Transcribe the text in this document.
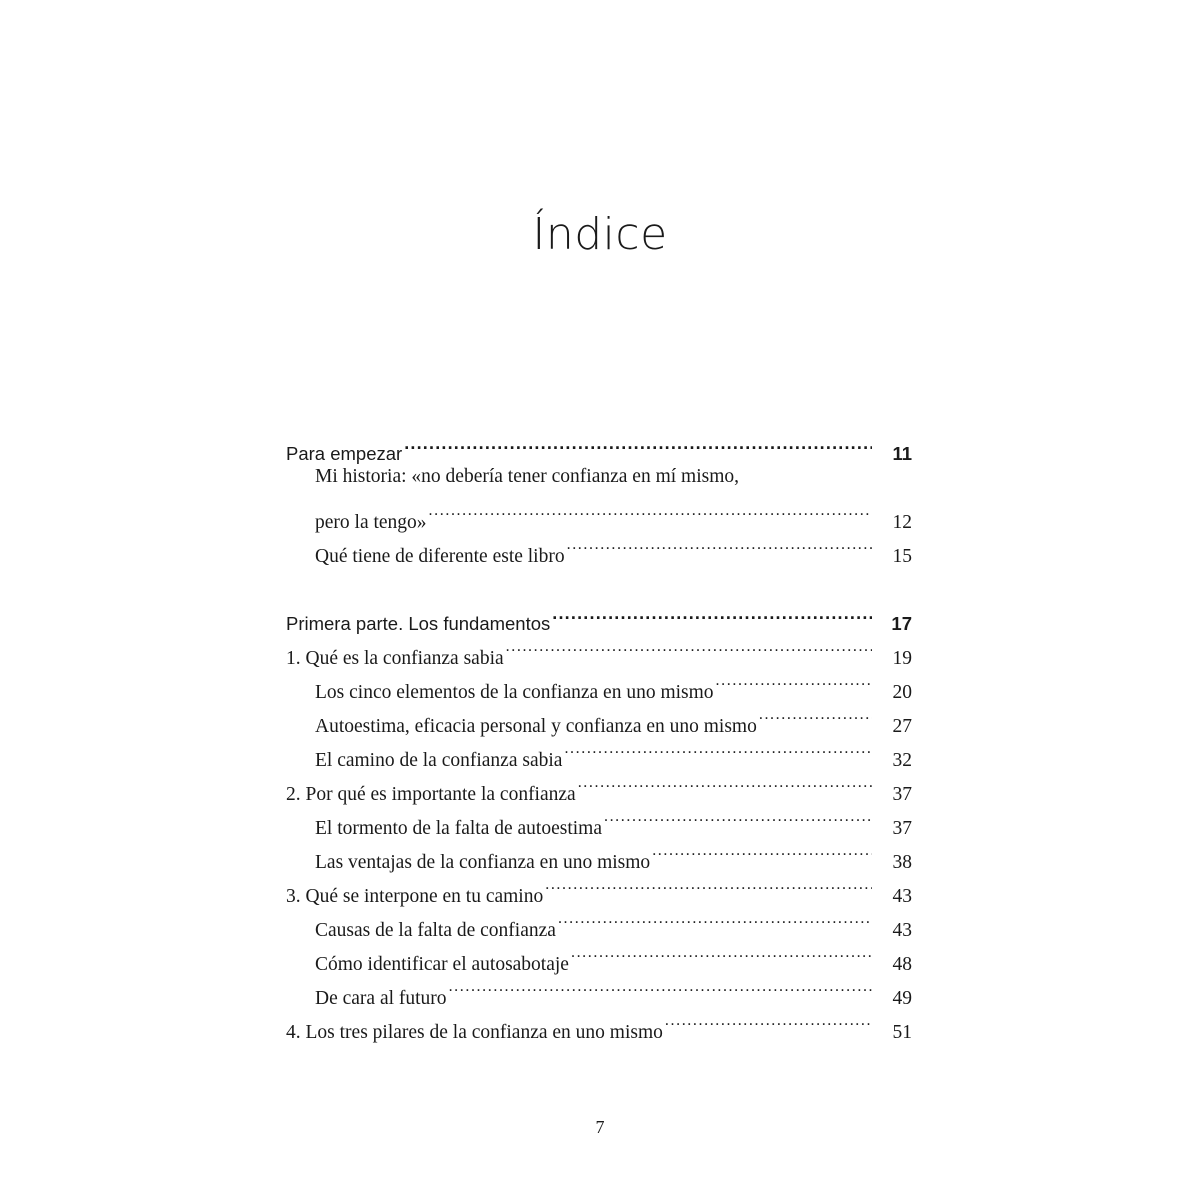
Índice
Para empezar .....	11
Mi historia: «no debería tener confianza en mí mismo,
pero la tengo» .....	12
Qué tiene de diferente este libro .....	15
Primera parte. Los fundamentos .....	17
1. Qué es la confianza sabia .....	19
Los cinco elementos de la confianza en uno mismo .....	20
Autoestima, eficacia personal y confianza en uno mismo .....	27
El camino de la confianza sabia .....	32
2. Por qué es importante la confianza .....	37
El tormento de la falta de autoestima .....	37
Las ventajas de la confianza en uno mismo .....	38
3. Qué se interpone en tu camino .....	43
Causas de la falta de confianza .....	43
Cómo identificar el autosabotaje .....	48
De cara al futuro .....	49
4. Los tres pilares de la confianza en uno mismo .....	51
7
